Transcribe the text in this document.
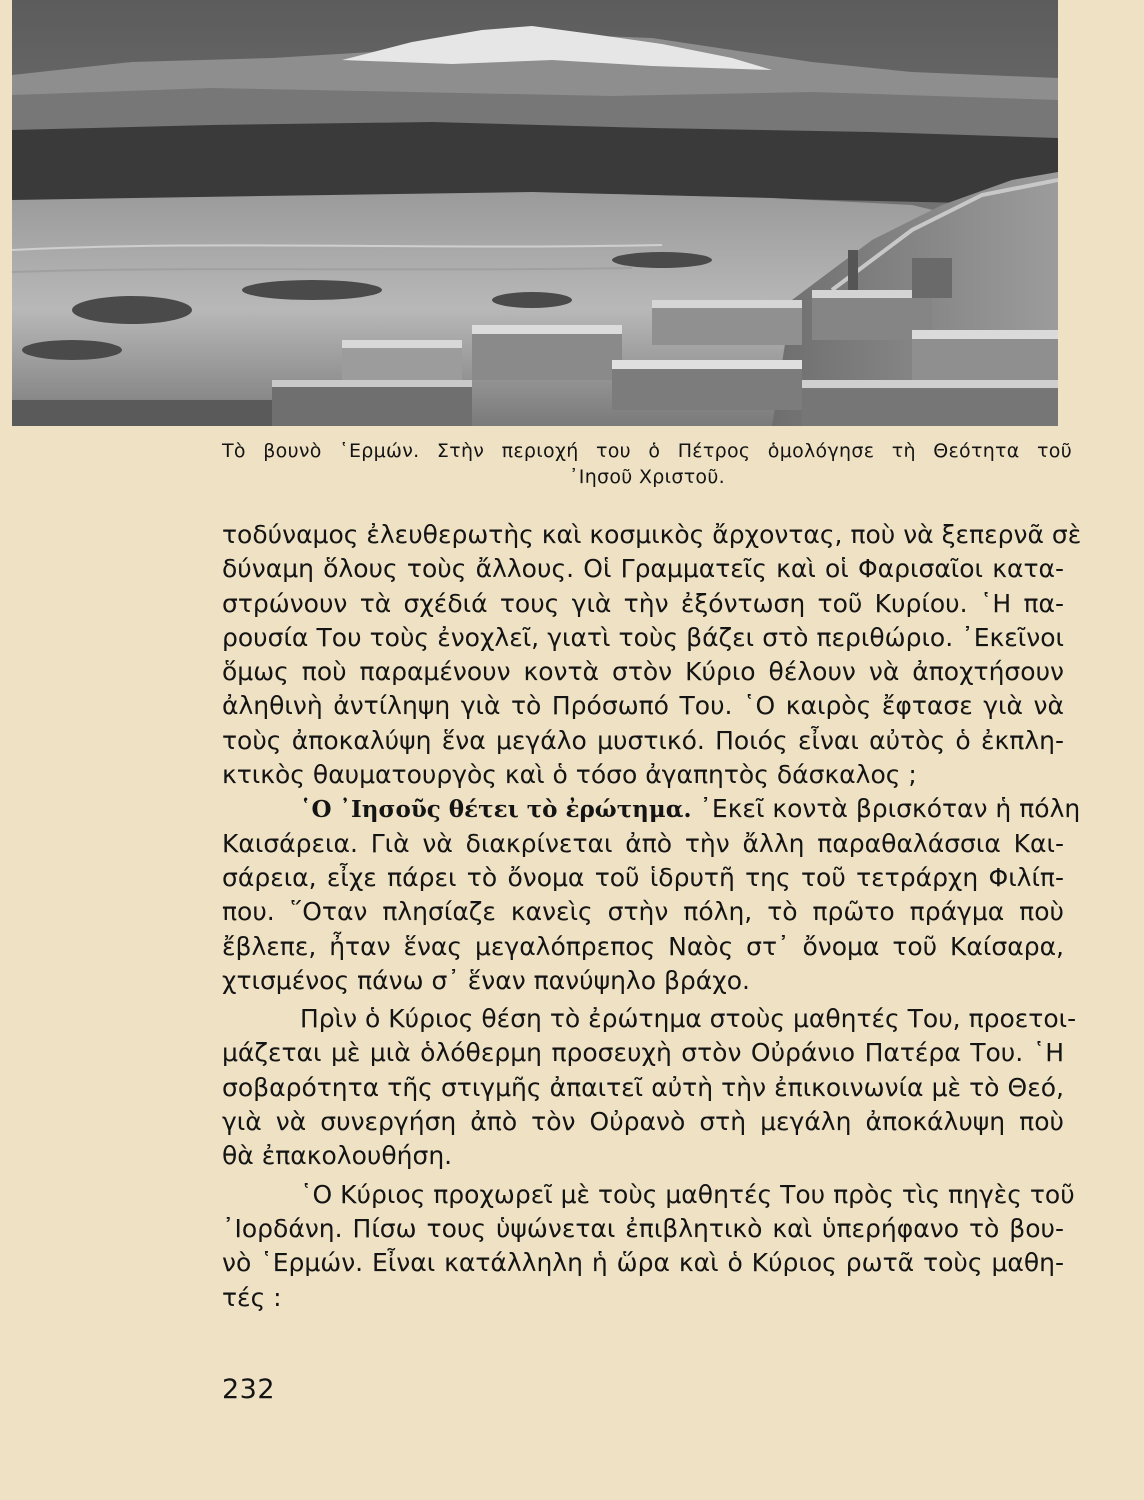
Τὸ βουνὸ ῾Ερμών. Στὴν περιοχή του ὁ Πέτρος ὁμολόγησε τὴ Θεότητα τοῦ
᾿Ιησοῦ Χριστοῦ.
τοδύναμος ἐλευθερωτὴς καὶ κοσμικὸς ἄρχοντας, ποὺ νὰ ξεπερνᾶ σὲ
δύναμη ὅλους τοὺς ἄλλους. Οἱ Γραμματεῖς καὶ οἱ Φαρισαῖοι κατα-
στρώνουν τὰ σχέδιά τους γιὰ τὴν ἐξόντωση τοῦ Κυρίου. ῾Η πα-
ρουσία Του τοὺς ἐνοχλεῖ, γιατὶ τοὺς βάζει στὸ περιθώριο. ᾿Εκεῖνοι
ὅμως ποὺ παραμένουν κοντὰ στὸν Κύριο θέλουν νὰ ἀποχτήσουν
ἀληθινὴ ἀντίληψη γιὰ τὸ Πρόσωπό Του. ῾Ο καιρὸς ἔφτασε γιὰ νὰ
τοὺς ἀποκαλύψη ἕνα μεγάλο μυστικό. Ποιός εἶναι αὐτὸς ὁ ἐκπλη-
κτικὸς θαυματουργὸς καὶ ὁ τόσο ἀγαπητὸς δάσκαλος ;
῾Ο ᾿Ιησοῦς θέτει τὸ ἐρώτημα. ᾿Εκεῖ κοντὰ βρισκόταν ἡ πόλη
Καισάρεια. Γιὰ νὰ διακρίνεται ἀπὸ τὴν ἄλλη παραθαλάσσια Και-
σάρεια, εἶχε πάρει τὸ ὄνομα τοῦ ἱδρυτῆ της τοῦ τετράρχη Φιλίπ-
που. ῞Οταν πλησίαζε κανεὶς στὴν πόλη, τὸ πρῶτο πράγμα ποὺ
ἔβλεπε, ἦταν ἕνας μεγαλόπρεπος Ναὸς στ᾿ ὄνομα τοῦ Καίσαρα,
χτισμένος πάνω σ᾿ ἕναν πανύψηλο βράχο.
Πρὶν ὁ Κύριος θέση τὸ ἐρώτημα στοὺς μαθητές Του, προετοι-
μάζεται μὲ μιὰ ὁλόθερμη προσευχὴ στὸν Οὐράνιο Πατέρα Του. ῾Η
σοβαρότητα τῆς στιγμῆς ἀπαιτεῖ αὐτὴ τὴν ἐπικοινωνία μὲ τὸ Θεό,
γιὰ νὰ συνεργήση ἀπὸ τὸν Οὐρανὸ στὴ μεγάλη ἀποκάλυψη ποὺ
θὰ ἐπακολουθήση.
῾Ο Κύριος προχωρεῖ μὲ τοὺς μαθητές Του πρὸς τὶς πηγὲς τοῦ
᾿Ιορδάνη. Πίσω τους ὑψώνεται ἐπιβλητικὸ καὶ ὑπερήφανο τὸ βου-
νὸ ῾Ερμών. Εἶναι κατάλληλη ἡ ὥρα καὶ ὁ Κύριος ρωτᾶ τοὺς μαθη-
τές :
232
